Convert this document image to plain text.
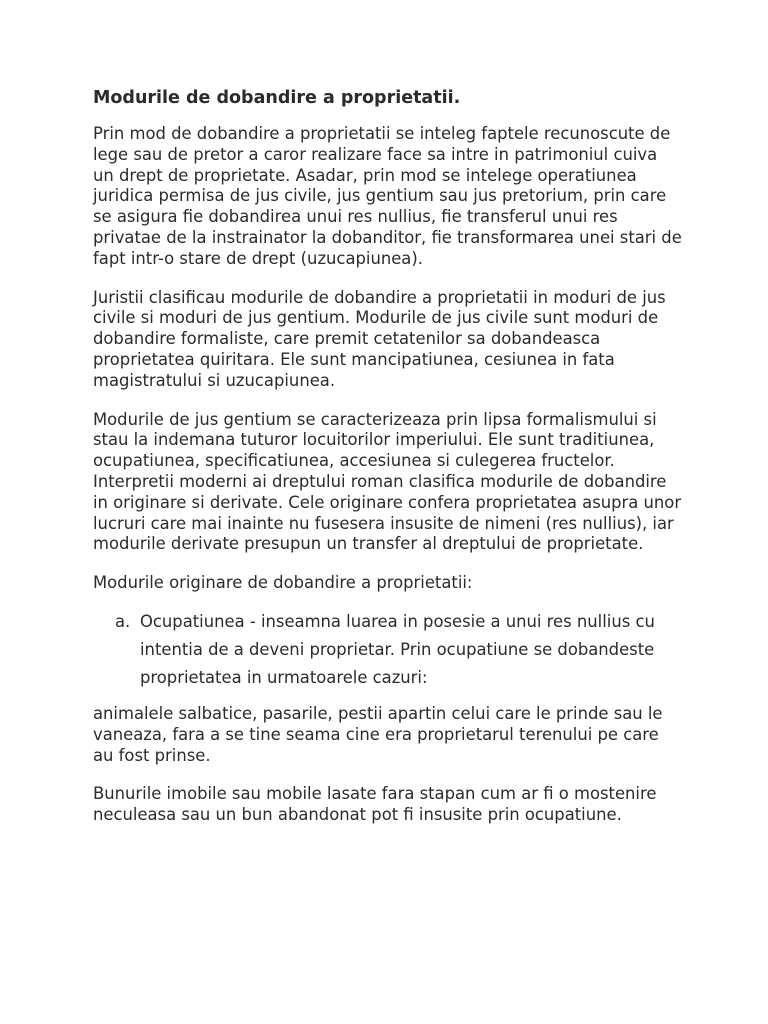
Modurile de dobandire a proprietatii.

Prin mod de dobandire a proprietatii se inteleg faptele recunoscute de lege sau de pretor a caror realizare face sa intre in patrimoniul cuiva un drept de proprietate. Asadar, prin mod se intelege operatiunea juridica permisa de jus civile, jus gentium sau jus pretorium, prin care se asigura fie dobandirea unui res nullius, fie transferul unui res privatae de la instrainator la dobanditor, fie transformarea unei stari de fapt intr-o stare de drept (uzucapiunea).

Juristii clasificau modurile de dobandire a proprietatii in moduri de jus civile si moduri de jus gentium. Modurile de jus civile sunt moduri de dobandire formaliste, care premit cetatenilor sa dobandeasca proprietatea quiritara. Ele sunt mancipatiunea, cesiunea in fata magistratului si uzucapiunea.

Modurile de jus gentium se caracterizeaza prin lipsa formalismului si stau la indemana tuturor locuitorilor imperiului. Ele sunt traditiunea, ocupatiunea, specificatiunea, accesiunea si culegerea fructelor. Interpretii moderni ai dreptului roman clasifica modurile de dobandire in originare si derivate. Cele originare confera proprietatea asupra unor lucruri care mai inainte nu fusesera insusite de nimeni (res nullius), iar modurile derivate presupun un transfer al dreptului de proprietate.

Modurile originare de dobandire a proprietatii:

a. Ocupatiunea - inseamna luarea in posesie a unui res nullius cu intentia de a deveni proprietar. Prin ocupatiune se dobandeste proprietatea in urmatoarele cazuri:

animalele salbatice, pasarile, pestii apartin celui care le prinde sau le vaneaza, fara a se tine seama cine era proprietarul terenului pe care au fost prinse.

Bunurile imobile sau mobile lasate fara stapan cum ar fi o mostenire neculeasa sau un bun abandonat pot fi insusite prin ocupatiune.
